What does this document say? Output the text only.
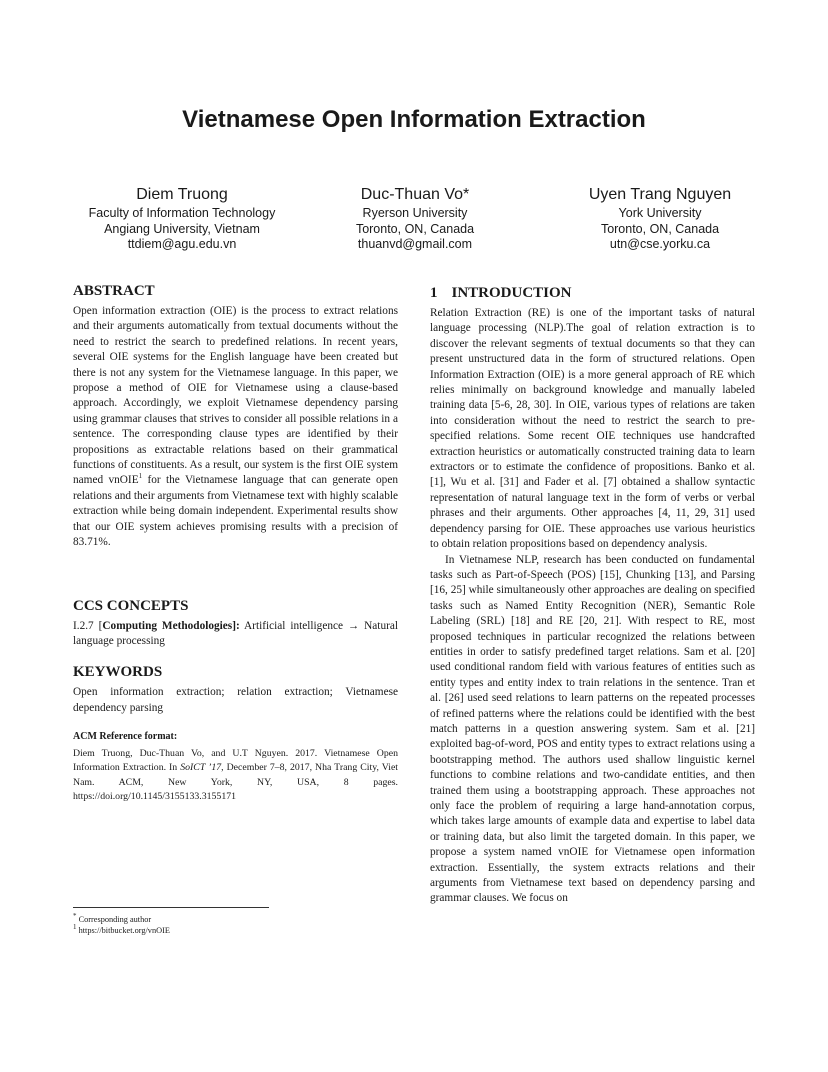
Vietnamese Open Information Extraction
Diem Truong
Faculty of Information Technology
Angiang University, Vietnam
ttdiem@agu.edu.vn
Duc-Thuan Vo*
Ryerson University
Toronto, ON, Canada
thuanvd@gmail.com
Uyen Trang Nguyen
York University
Toronto, ON, Canada
utn@cse.yorku.ca
ABSTRACT

Open information extraction (OIE) is the process to extract relations and their arguments automatically from textual documents without the need to restrict the search to predefined relations. In recent years, several OIE systems for the English language have been created but there is not any system for the Vietnamese language. In this paper, we propose a method of OIE for Vietnamese using a clause-based approach. Accordingly, we exploit Vietnamese dependency parsing using grammar clauses that strives to consider all possible relations in a sentence. The corresponding clause types are identified by their propositions as extractable relations based on their grammatical functions of constituents. As a result, our system is the first OIE system named vnOIE$^1$ for the Vietnamese language that can generate open relations and their arguments from Vietnamese text with highly scalable extraction while being domain independent. Experimental results show that our OIE system achieves promising results with a precision of 83.71%.

CCS CONCEPTS

I.2.7 [Computing Methodologies]: Artificial intelligence → Natural language processing

KEYWORDS

Open information extraction; relation extraction; Vietnamese dependency parsing

ACM Reference format:

Diem Truong, Duc-Thuan Vo, and U.T Nguyen. 2017. Vietnamese Open Information Extraction. In SoICT ’17, December 7–8, 2017, Nha Trang City, Viet Nam. ACM, New York, NY, USA, 8 pages. https://doi.org/10.1145/3155133.3155171

* Corresponding author
$^1$ https://bitbucket.org/vnOIE
1 INTRODUCTION

Relation Extraction (RE) is one of the important tasks of natural language processing (NLP).The goal of relation extraction is to discover the relevant segments of textual documents so that they can present unstructured data in the form of structured relations. Open Information Extraction (OIE) is a more general approach of RE which relies minimally on background knowledge and manually labeled training data [5-6, 28, 30]. In OIE, various types of relations are taken into consideration without the need to restrict the search to pre-specified relations. Some recent OIE techniques use handcrafted extraction heuristics or automatically constructed training data to learn extractors or to estimate the confidence of propositions. Banko et al. [1], Wu et al. [31] and Fader et al. [7] obtained a shallow syntactic representation of natural language text in the form of verbs or verbal phrases and their arguments. Other approaches [4, 11, 29, 31] used dependency parsing for OIE. These approaches use various heuristics to obtain relation propositions based on dependency analysis.

In Vietnamese NLP, research has been conducted on fundamental tasks such as Part-of-Speech (POS) [15], Chunking [13], and Parsing [16, 25] while simultaneously other approaches are dealing on specified tasks such as Named Entity Recognition (NER), Semantic Role Labeling (SRL) [18] and RE [20, 21]. With respect to RE, most proposed techniques in particular recognized the relations between entities in order to satisfy predefined target relations. Sam et al. [20] used conditional random field with various features of entities such as entity types and entity index to train relations in the sentence. Tran et al. [26] used seed relations to learn patterns on the repeated processes of refined patterns where the relations could be identified with the best match patterns in a question answering system. Sam et al. [21] exploited bag-of-word, POS and entity types to extract relations using a bootstrapping method. The authors used shallow linguistic kernel functions to combine relations and two-candidate entities, and then trained them using a bootstrapping approach. These approaches not only face the problem of requiring a large hand-annotation corpus, which takes large amounts of example data and expertise to label data or training data, but also limit the targeted domain. In this paper, we propose a system named vnOIE for Vietnamese open information extraction. Essentially, the system extracts relations and their arguments from Vietnamese text based on dependency parsing and grammar clauses. We focus on
